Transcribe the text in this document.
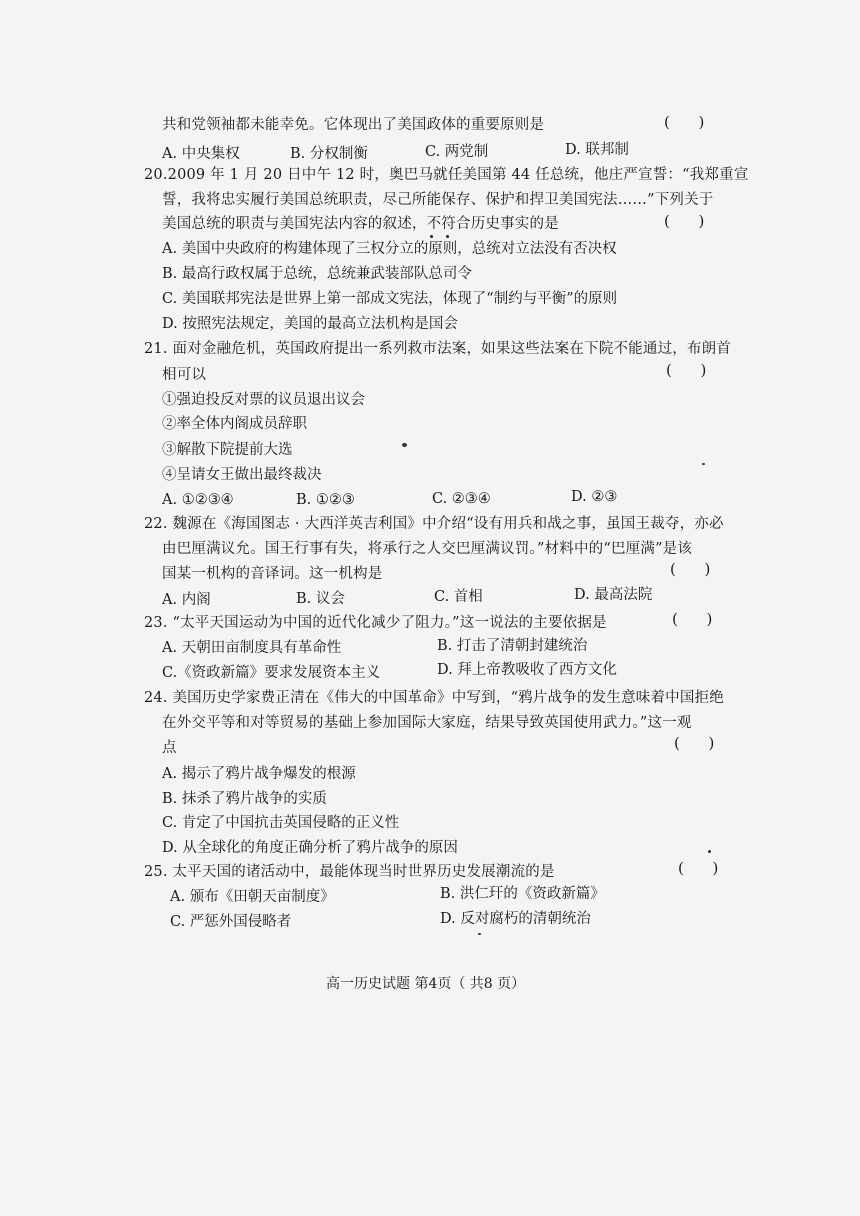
共和党领袖都未能幸免。它体现出了美国政体的重要原则是	(      )
A. 中央集权	B. 分权制衡	C. 两党制	D. 联邦制
20.2009 年 1 月 20 日中午 12 时，奥巴马就任美国第 44 任总统，他庄严宣誓：“我郑重宣
誓，我将忠实履行美国总统职责，尽己所能保存、保护和捍卫美国宪法……”下列关于
美国总统的职责与美国宪法内容的叙述，不符合历史事实的是	(      )
A. 美国中央政府的构建体现了三权分立的原则，总统对立法没有否决权
B. 最高行政权属于总统，总统兼武装部队总司令
C. 美国联邦宪法是世界上第一部成文宪法，体现了“制约与平衡”的原则
D. 按照宪法规定，美国的最高立法机构是国会
21. 面对金融危机，英国政府提出一系列救市法案，如果这些法案在下院不能通过，布朗首
相可以	(      )
①强迫投反对票的议员退出议会
②率全体内阁成员辞职
③解散下院提前大选
④呈请女王做出最终裁决
A. ①②③④	B. ①②③	C. ②③④	D. ②③
22. 魏源在《海国图志 · 大西洋英吉利国》中介绍“设有用兵和战之事，虽国王裁夺，亦必
由巴厘满议允。国王行事有失，将承行之人交巴厘满议罚。”材料中的“巴厘满”是该
国某一机构的音译词。这一机构是	(      )
A. 内阁	B. 议会	C. 首相	D. 最高法院
23. “太平天国运动为中国的近代化减少了阻力。”这一说法的主要依据是	(      )
A. 天朝田亩制度具有革命性	B. 打击了清朝封建统治
C.《资政新篇》要求发展资本主义	D. 拜上帝教吸收了西方文化
24. 美国历史学家费正清在《伟大的中国革命》中写到，“鸦片战争的发生意味着中国拒绝
在外交平等和对等贸易的基础上参加国际大家庭，结果导致英国使用武力。”这一观
点	(      )
A. 揭示了鸦片战争爆发的根源
B. 抹杀了鸦片战争的实质
C. 肯定了中国抗击英国侵略的正义性
D. 从全球化的角度正确分析了鸦片战争的原因
25. 太平天国的诸活动中，最能体现当时世界历史发展潮流的是	(      )
A. 颁布《田朝天亩制度》	B. 洪仁玕的《资政新篇》
C. 严惩外国侵略者	D. 反对腐朽的清朝统治
高一历史试题 第4页（ 共8 页）
